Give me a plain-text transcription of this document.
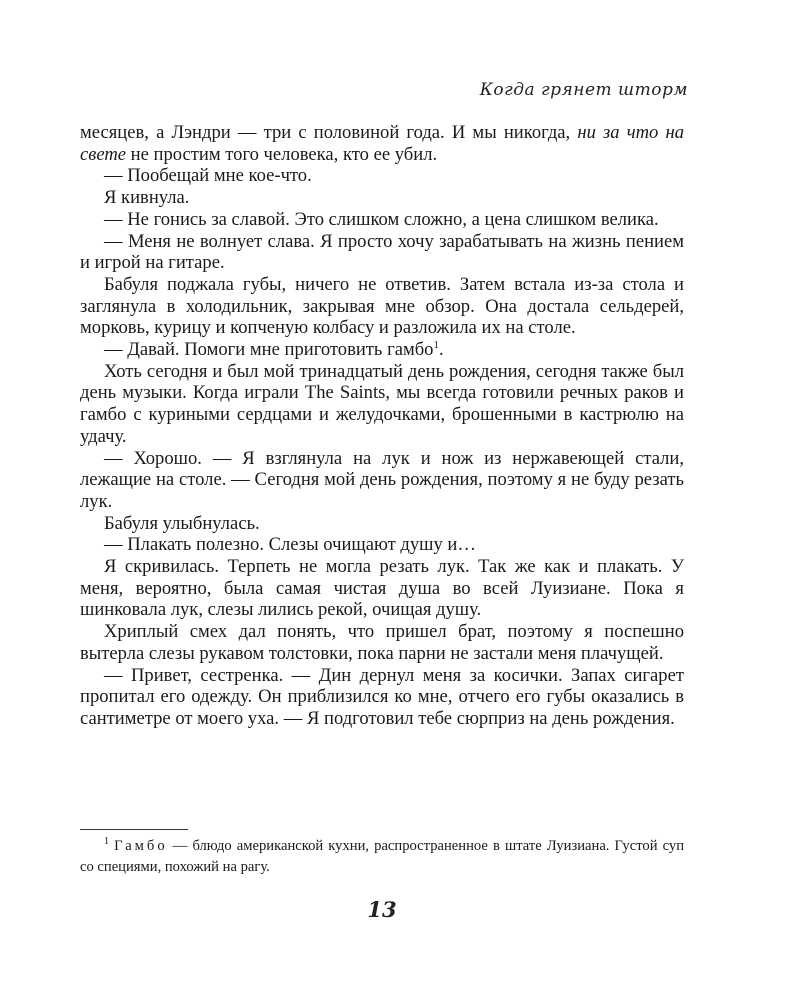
Когда грянет шторм

месяцев, а Лэндри — три с половиной года. И мы никогда, ни за что на свете не простим того человека, кто ее убил.

— Пообещай мне кое-что.

Я кивнула.

— Не гонись за славой. Это слишком сложно, а цена слишком велика.

— Меня не волнует слава. Я просто хочу зарабатывать на жизнь пением и игрой на гитаре.

Бабуля поджала губы, ничего не ответив. Затем встала из-за стола и заглянула в холодильник, закрывая мне обзор. Она достала сельдерей, морковь, курицу и копченую колбасу и разложила их на столе.

— Давай. Помоги мне приготовить гамбо$^1$.

Хоть сегодня и был мой тринадцатый день рождения, сегодня также был день музыки. Когда играли The Saints, мы всегда готовили речных раков и гамбо с куриными сердцами и желудочками, брошенными в кастрюлю на удачу.

— Хорошо. — Я взглянула на лук и нож из нержавеющей стали, лежащие на столе. — Сегодня мой день рождения, поэтому я не буду резать лук.

Бабуля улыбнулась.

— Плакать полезно. Слезы очищают душу и…

Я скривилась. Терпеть не могла резать лук. Так же как и плакать. У меня, вероятно, была самая чистая душа во всей Луизиане. Пока я шинковала лук, слезы лились рекой, очищая душу.

Хриплый смех дал понять, что пришел брат, поэтому я поспешно вытерла слезы рукавом толстовки, пока парни не застали меня плачущей.

— Привет, сестренка. — Дин дернул меня за косички. Запах сигарет пропитал его одежду. Он приблизился ко мне, отчего его губы оказались в сантиметре от моего уха. — Я подготовил тебе сюрприз на день рождения.

$^1$ Гамбо — блюдо американской кухни, распространенное в штате Луизиана. Густой суп со специями, похожий на рагу.
13
